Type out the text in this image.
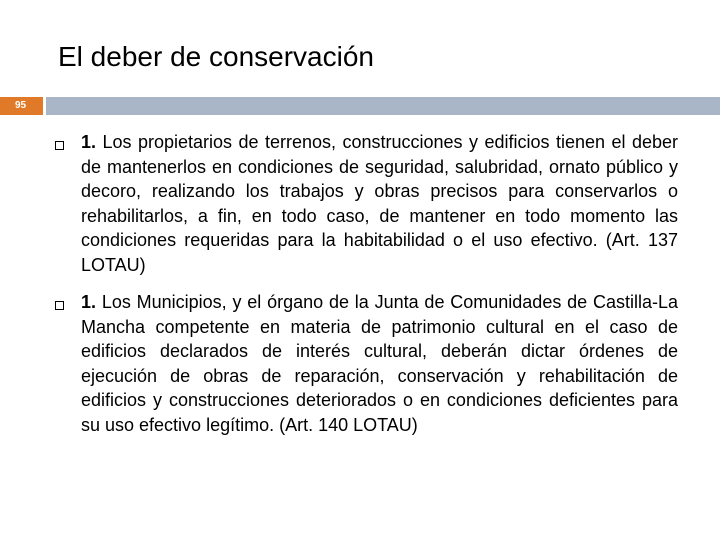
El deber de conservación
95

1. Los propietarios de terrenos, construcciones y edificios tienen el deber de mantenerlos en condiciones de seguridad, salubridad, ornato público y decoro, realizando los trabajos y obras precisos para conservarlos o rehabilitarlos, a fin, en todo caso, de mantener en todo momento las condiciones requeridas para la habitabilidad o el uso efectivo. (Art. 137 LOTAU)

1. Los Municipios, y el órgano de la Junta de Comunidades de Castilla-La Mancha competente en materia de patrimonio cultural en el caso de edificios declarados de interés cultural, deberán dictar órdenes de ejecución de obras de reparación, conservación y rehabilitación de edificios y construcciones deteriorados o en condiciones deficientes para su uso efectivo legítimo. (Art. 140 LOTAU)
